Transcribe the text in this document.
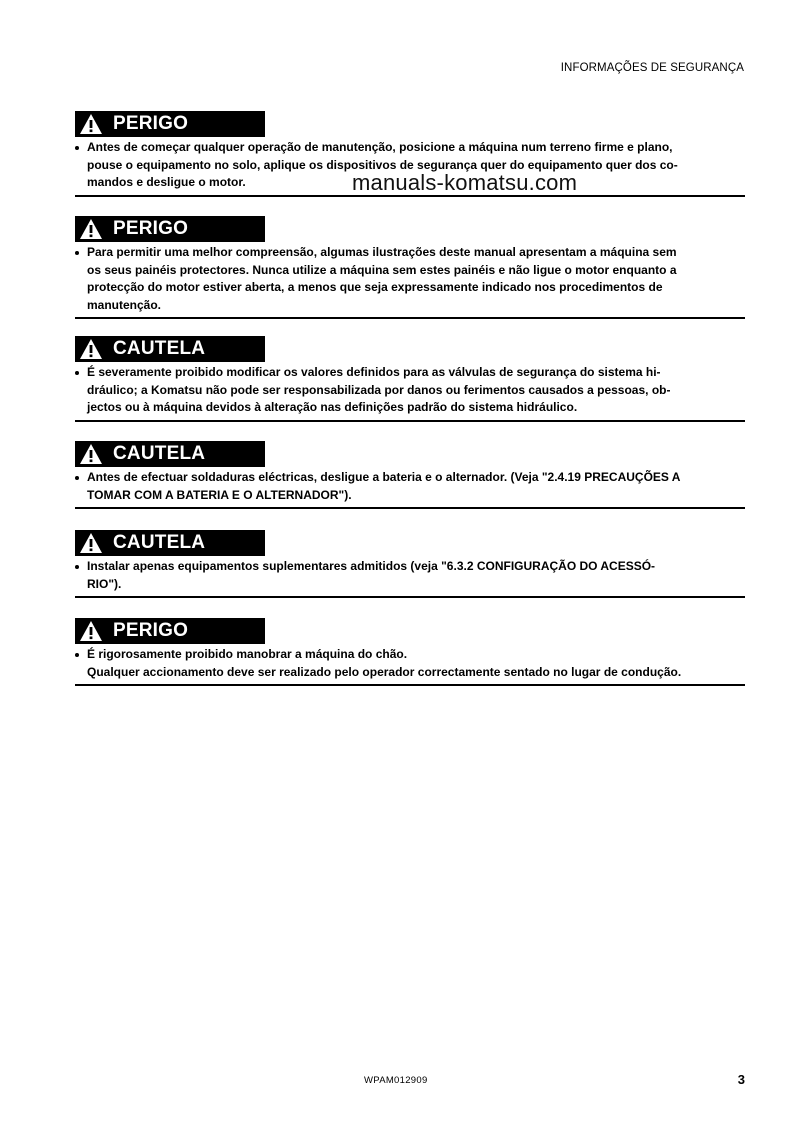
INFORMAÇÕES DE SEGURANÇA
PERIGO
Antes de começar qualquer operação de manutenção, posicione a máquina num terreno firme e plano,
pouse o equipamento no solo, aplique os dispositivos de segurança quer do equipamento quer dos co-
mandos e desligue o motor.	manuals-komatsu.com
PERIGO
Para permitir uma melhor compreensão, algumas ilustrações deste manual apresentam a máquina sem
os seus painéis protectores. Nunca utilize a máquina sem estes painéis e não ligue o motor enquanto a
protecção do motor estiver aberta, a menos que seja expressamente indicado nos procedimentos de
manutenção.
CAUTELA
É severamente proibido modificar os valores definidos para as válvulas de segurança do sistema hi-
dráulico; a Komatsu não pode ser responsabilizada por danos ou ferimentos causados a pessoas, ob-
jectos ou à máquina devidos à alteração nas definições padrão do sistema hidráulico.
CAUTELA
Antes de efectuar soldaduras eléctricas, desligue a bateria e o alternador. (Veja "2.4.19 PRECAUÇÕES A
TOMAR COM A BATERIA E O ALTERNADOR").
CAUTELA
Instalar apenas equipamentos suplementares admitidos (veja "6.3.2 CONFIGURAÇÃO DO ACESSÓ-
RIO").
PERIGO
É rigorosamente proibido manobrar a máquina do chão.
Qualquer accionamento deve ser realizado pelo operador correctamente sentado no lugar de condução.
WPAM012909	3
